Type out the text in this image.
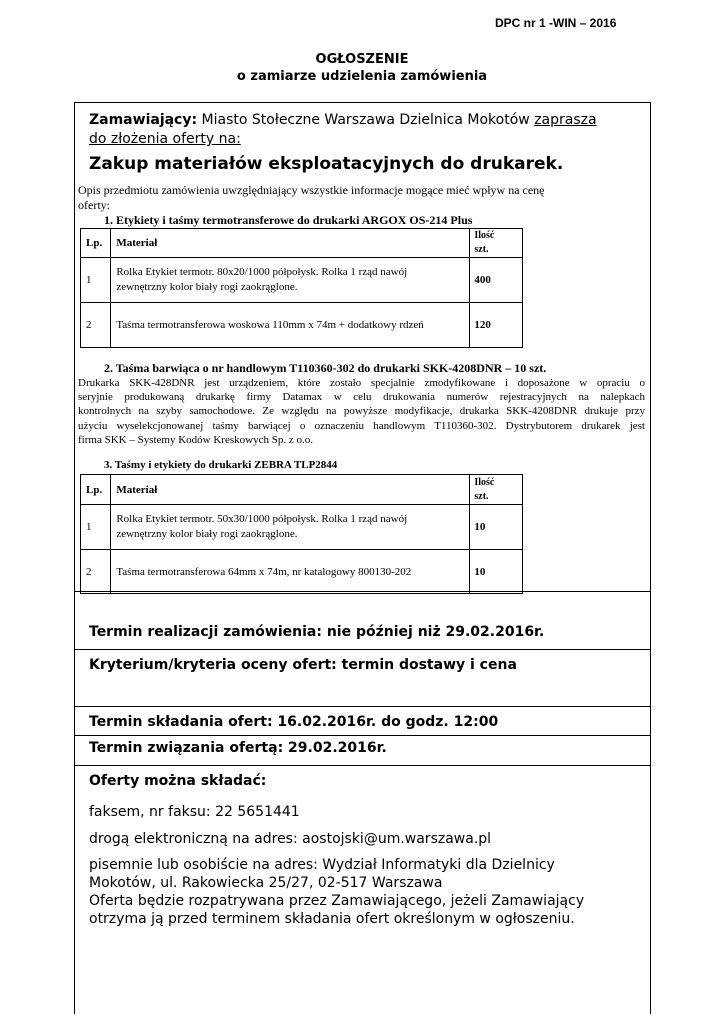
DPC nr 1 -WIN – 2016
OGŁOSZENIE
o zamiarze udzielenia zamówienia
Zamawiający: Miasto Stołeczne Warszawa Dzielnica Mokotów zaprasza
do złożenia oferty na:
Zakup materiałów eksploatacyjnych do drukarek.
Opis przedmiotu zamówienia uwzględniający wszystkie informacje mogące mieć wpływ na cenę
oferty:
1. Etykiety i taśmy termotransferowe do drukarki ARGOX OS-214 Plus
Lp.	Materiał	Ilość
szt.

1	Rolka Etykiet termotr. 80x20/1000 półpołysk. Rolka 1 rząd nawój
zewnętrzny kolor biały rogi zaokrąglone.	400
2	Taśma termotransferowa woskowa 110mm x 74m + dodatkowy rdzeń	120
2. Taśma barwiąca o nr handlowym T110360-302 do drukarki SKK-4208DNR – 10 szt.
Drukarka SKK-428DNR jest urządzeniem, które zostało specjalnie zmodyfikowane i doposażone w opraciu o
seryjnie produkowaną drukarkę firmy Datamax w celu drukowania numerów rejestracyjnych na nalepkach
kontrolnych na szyby samochodowe. Ze względu na powyższe modyfikacje, drukarka SKK-4208DNR drukuje przy
użyciu wyselekcjonowanej taśmy barwiącej o oznaczeniu handlowym T110360-302. Dystrybutorem drukarek jest
firma SKK – Systemy Kodów Kreskowych Sp. z o.o.
3. Taśmy i etykiety do drukarki ZEBRA TLP2844
Lp.	Materiał	Ilość
szt.

1	Rolka Etykiet termotr. 50x30/1000 półpołysk. Rolka 1 rząd nawój
zewnętrzny kolor biały rogi zaokrąglone.	10
2	Taśma termotransferowa 64mm x 74m, nr katalogowy 800130-202	10
Termin realizacji zamówienia: nie później niż 29.02.2016r.
Kryterium/kryteria oceny ofert: termin dostawy i cena
Termin składania ofert: 16.02.2016r. do godz. 12:00
Termin związania ofertą: 29.02.2016r.
Oferty można składać:
faksem, nr faksu: 22 5651441
drogą elektroniczną na adres: aostojski@um.warszawa.pl
pisemnie lub osobiście na adres: Wydział Informatyki dla Dzielnicy
Mokotów, ul. Rakowiecka 25/27, 02-517 Warszawa
Oferta będzie rozpatrywana przez Zamawiającego, jeżeli Zamawiający
otrzyma ją przed terminem składania ofert określonym w ogłoszeniu.
